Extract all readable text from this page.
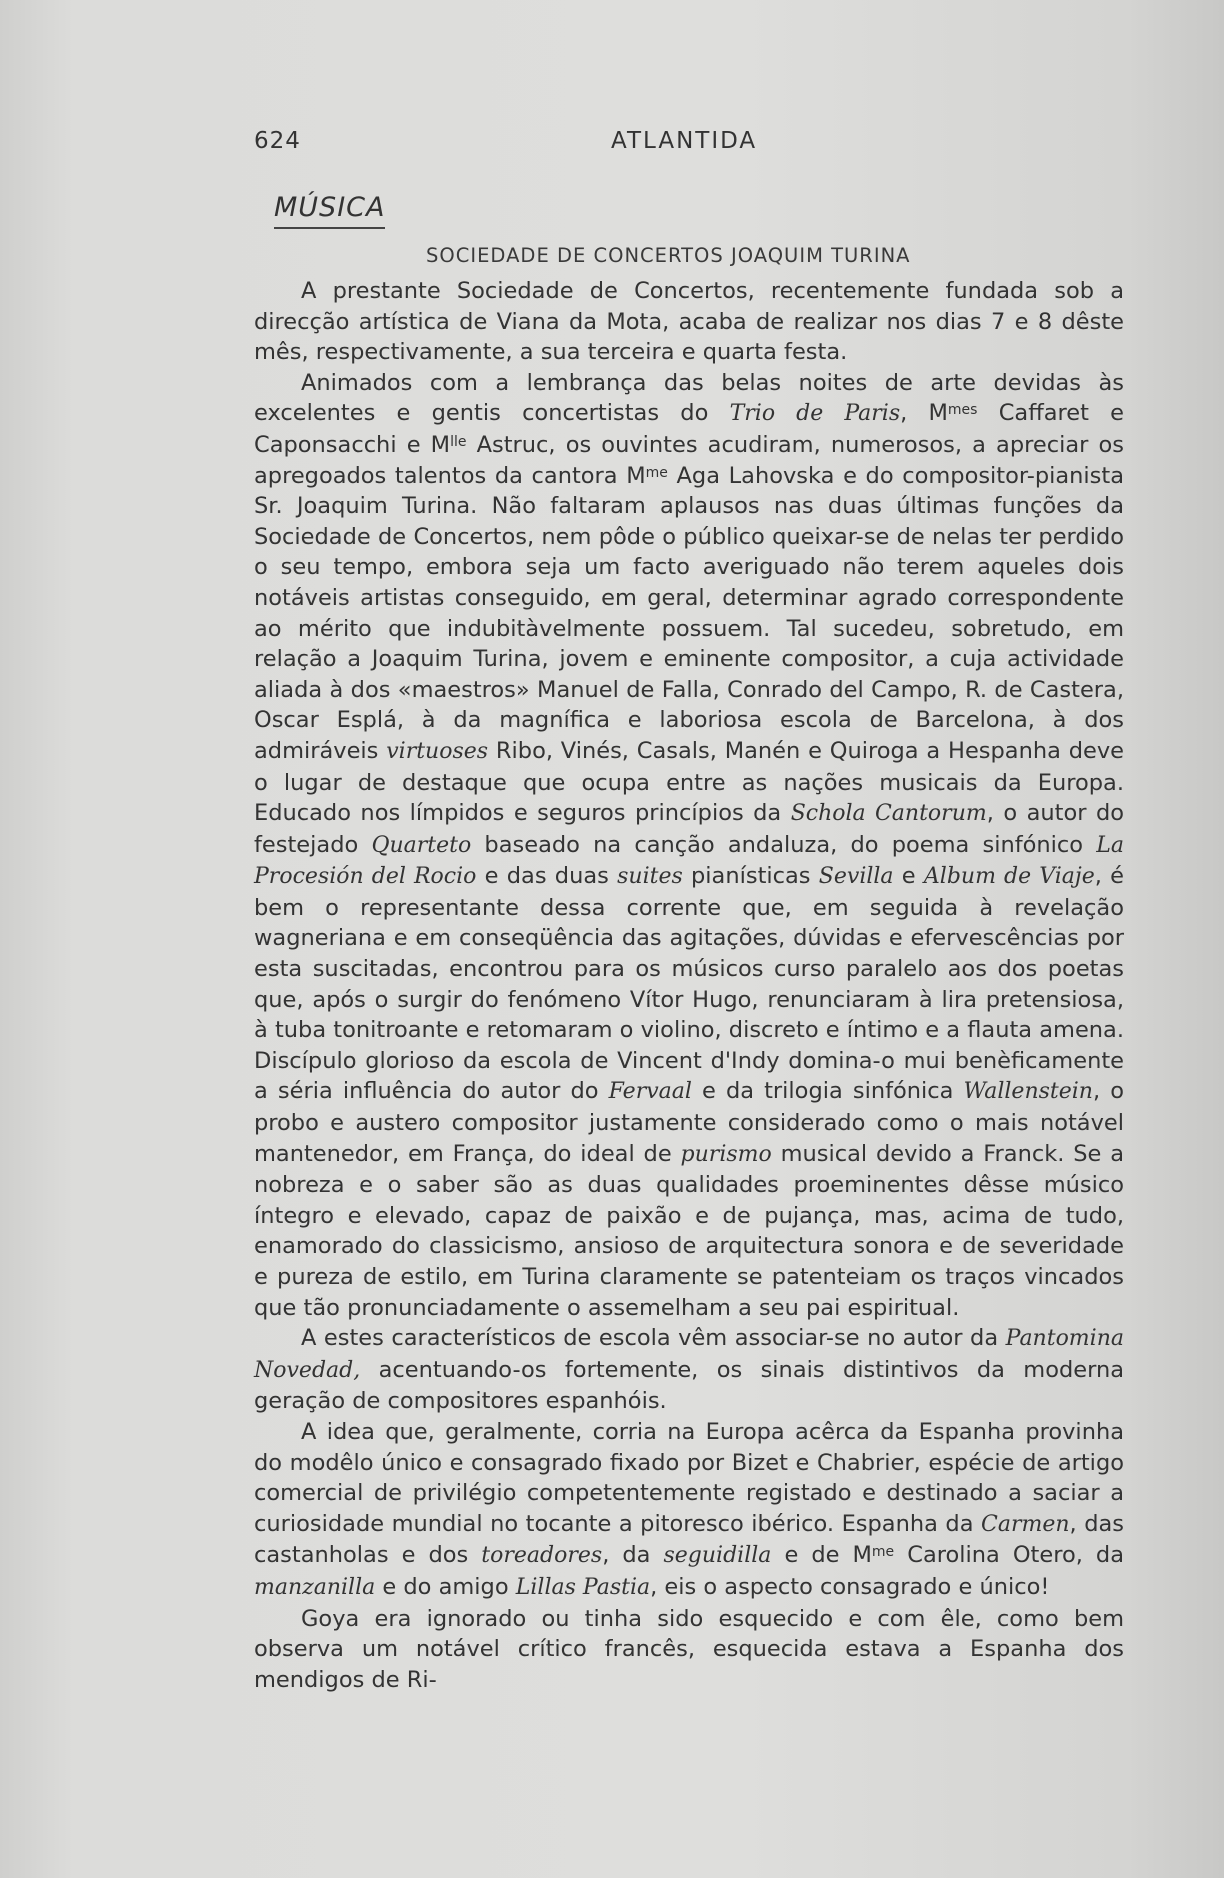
624	ATLANTIDA
MÚSICA
SOCIEDADE DE CONCERTOS JOAQUIM TURINA

A prestante Sociedade de Concertos, recentemente fundada sob a direcção artística de Viana da Mota, acaba de realizar nos dias 7 e 8 dêste mês, respectivamente, a sua terceira e quarta festa.

Animados com a lembrança das belas noites de arte devidas às excelentes e gentis concertistas do Trio de Paris, $M^{mes}$ Caffaret e Caponsacchi e $M^{lle}$ Astruc, os ouvintes acudiram, numerosos, a apreciar os apregoados talentos da cantora $M^{me}$ Aga Lahovska e do compositor-pianista Sr. Joaquim Turina. Não faltaram aplausos nas duas últimas funções da Sociedade de Concertos, nem pôde o público queixar-se de nelas ter perdido o seu tempo, embora seja um facto averiguado não terem aqueles dois notáveis artistas conseguido, em geral, determinar agrado correspondente ao mérito que indubitàvelmente possuem. Tal sucedeu, sobretudo, em relação a Joaquim Turina, jovem e eminente compositor, a cuja actividade aliada à dos «maestros» Manuel de Falla, Conrado del Campo, R. de Castera, Oscar Esplá, à da magnífica e laboriosa escola de Barcelona, à dos admiráveis virtuoses Ribo, Vinés, Casals, Manén e Quiroga a Hespanha deve o lugar de destaque que ocupa entre as nações musicais da Europa. Educado nos límpidos e seguros princípios da Schola Cantorum, o autor do festejado Quarteto baseado na canção andaluza, do poema sinfónico La Procesión del Rocio e das duas suites pianísticas Sevilla e Album de Viaje, é bem o representante dessa corrente que, em seguida à revelação wagneriana e em conseqüência das agitações, dúvidas e efervescências por esta suscitadas, encontrou para os músicos curso paralelo aos dos poetas que, após o surgir do fenómeno Vítor Hugo, renunciaram à lira pretensiosa, à tuba tonitroante e retomaram o violino, discreto e íntimo e a flauta amena. Discípulo glorioso da escola de Vincent d'Indy domina-o mui benèficamente a séria influência do autor do Fervaal e da trilogia sinfónica Wallenstein, o probo e austero compositor justamente considerado como o mais notável mantenedor, em França, do ideal de purismo musical devido a Franck. Se a nobreza e o saber são as duas qualidades proeminentes dêsse músico íntegro e elevado, capaz de paixão e de pujança, mas, acima de tudo, enamorado do classicismo, ansioso de arquitectura sonora e de severidade e pureza de estilo, em Turina claramente se patenteiam os traços vincados que tão pronunciadamente o assemelham a seu pai espiritual.

A estes característicos de escola vêm associar-se no autor da Pantomina Novedad, acentuando-os fortemente, os sinais distintivos da moderna geração de compositores espanhóis.

A idea que, geralmente, corria na Europa acêrca da Espanha provinha do modêlo único e consagrado fixado por Bizet e Chabrier, espécie de artigo comercial de privilégio competentemente registado e destinado a saciar a curiosidade mundial no tocante a pitoresco ibérico. Espanha da Carmen, das castanholas e dos toreadores, da seguidilla e de $M^{me}$ Carolina Otero, da manzanilla e do amigo Lillas Pastia, eis o aspecto consagrado e único!

Goya era ignorado ou tinha sido esquecido e com êle, como bem observa um notável crítico francês, esquecida estava a Espanha dos mendigos de Ri-
